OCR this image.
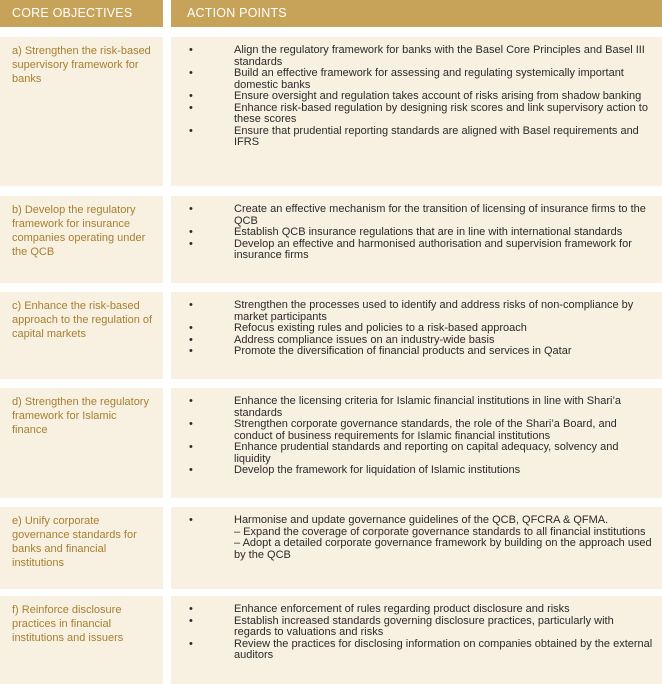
CORE OBJECTIVES	ACTION POINTS
a) Strengthen the risk-based supervisory framework for banks
•	Align the regulatory framework for banks with the Basel Core Principles and Basel III standards
•	Build an effective framework for assessing and regulating systemically important domestic banks
•	Ensure oversight and regulation takes account of risks arising from shadow banking
•	Enhance risk-based regulation by designing risk scores and link supervisory action to these scores
•	Ensure that prudential reporting standards are aligned with Basel requirements and IFRS
b) Develop the regulatory framework for insurance companies operating under the QCB
•	Create an effective mechanism for the transition of licensing of insurance firms to the QCB
•	Establish QCB insurance regulations that are in line with international standards
•	Develop an effective and harmonised authorisation and supervision framework for insurance firms
c) Enhance the risk-based approach to the regulation of capital markets
•	Strengthen the processes used to identify and address risks of non-compliance by market participants
•	Refocus existing rules and policies to a risk-based approach
•	Address compliance issues on an industry-wide basis
•	Promote the diversification of financial products and services in Qatar
d) Strengthen the regulatory framework for Islamic finance
•	Enhance the licensing criteria for Islamic financial institutions in line with Shari’a standards
•	Strengthen corporate governance standards, the role of the Shari’a Board, and conduct of business requirements for Islamic financial institutions
•	Enhance prudential standards and reporting on capital adequacy, solvency and liquidity
•	Develop the framework for liquidation of Islamic institutions
e) Unify corporate governance standards for banks and financial institutions
•	Harmonise and update governance guidelines of the QCB, QFCRA & QFMA.
– Expand the coverage of corporate governance standards to all financial institutions
– Adopt a detailed corporate governance framework by building on the approach used by the QCB
f) Reinforce disclosure practices in financial institutions and issuers
•	Enhance enforcement of rules regarding product disclosure and risks
•	Establish increased standards governing disclosure practices, particularly with regards to valuations and risks
•	Review the practices for disclosing information on companies obtained by the external auditors
